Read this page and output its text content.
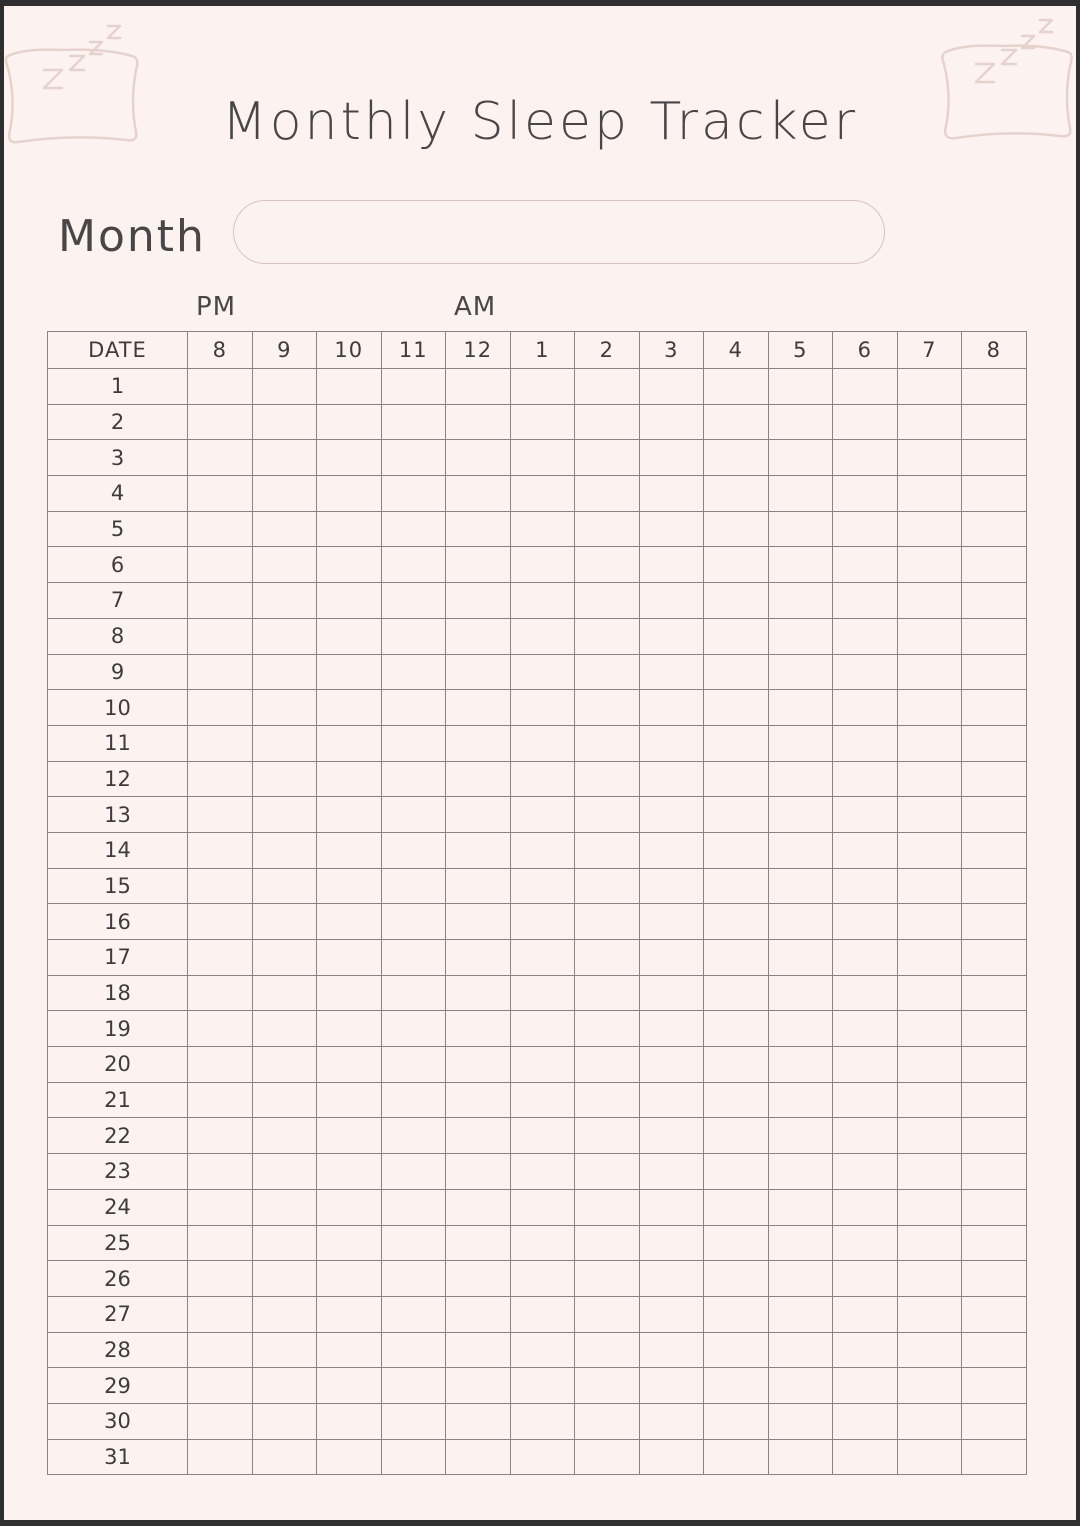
Monthly Sleep Tracker
Month
PM	AM
DATE	8	9	10	11	12	1	2	3	4	5	6	7	8
1													
2													
3													
4													
5													
6													
7													
8													
9													
10													
11													
12													
13													
14													
15													
16													
17													
18													
19													
20													
21													
22													
23													
24													
25													
26													
27													
28													
29													
30													
31													
